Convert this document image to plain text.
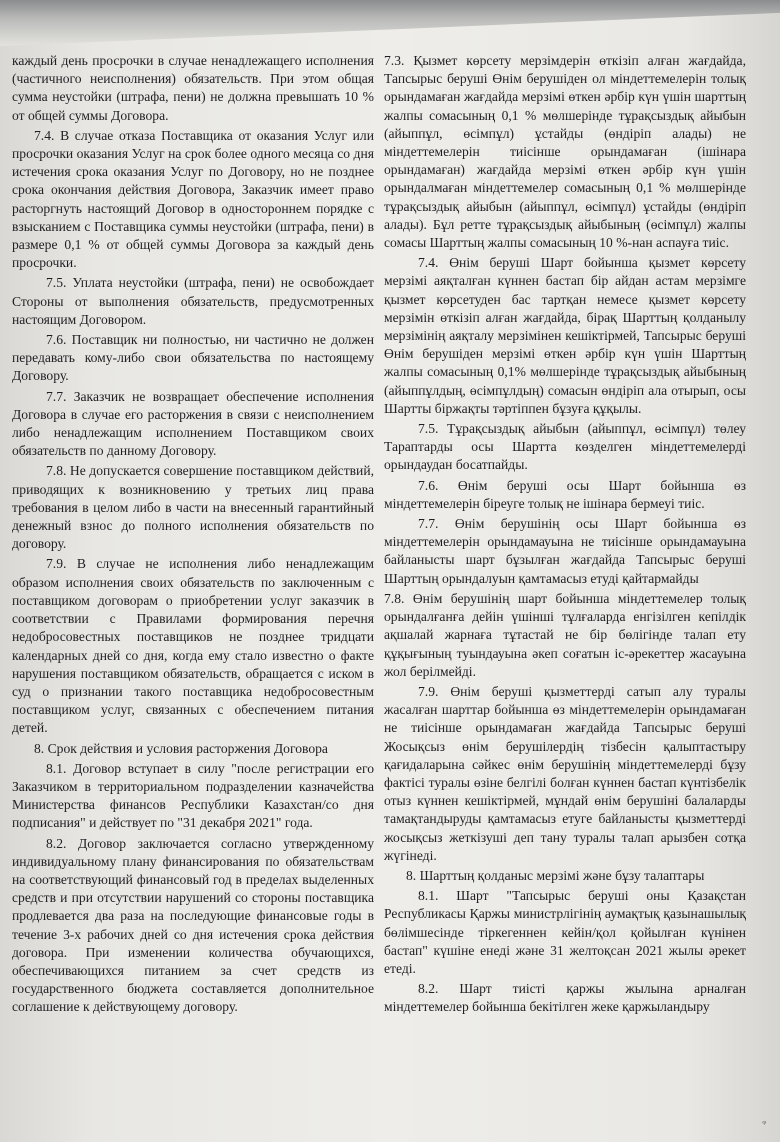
каждый день просрочки в случае ненадлежащего исполнения (частичного неисполнения) обязательств. При этом общая сумма неустойки (штрафа, пени) не должна превышать 10 % от общей суммы Договора.

7.4. В случае отказа Поставщика от оказания Услуг или просрочки оказания Услуг на срок более одного месяца со дня истечения срока оказания Услуг по Договору, но не позднее срока окончания действия Договора, Заказчик имеет право расторгнуть настоящий Договор в одностороннем порядке с взысканием с Поставщика суммы неустойки (штрафа, пени) в размере 0,1 % от общей суммы Договора за каждый день просрочки.

7.5. Уплата неустойки (штрафа, пени) не освобождает Стороны от выполнения обязательств, предусмотренных настоящим Договором.

7.6. Поставщик ни полностью, ни частично не должен передавать кому-либо свои обязательства по настоящему Договору.

7.7. Заказчик не возвращает обеспечение исполнения Договора в случае его расторжения в связи с неисполнением либо ненадлежащим исполнением Поставщиком своих обязательств по данному Договору.

7.8. Не допускается совершение поставщиком действий, приводящих к возникновению у третьих лиц права требования в целом либо в части на внесенный гарантийный денежный взнос до полного исполнения обязательств по договору.

7.9. В случае не исполнения либо ненадлежащим образом исполнения своих обязательств по заключенным с поставщиком договорам о приобретении услуг заказчик в соответствии с Правилами формирования перечня недобросовестных поставщиков не позднее тридцати календарных дней со дня, когда ему стало известно о факте нарушения поставщиком обязательств, обращается с иском в суд о признании такого поставщика недобросовестным поставщиком услуг, связанных с обеспечением питания детей.

8. Срок действия и условия расторжения Договора

8.1. Договор вступает в силу "после регистрации его Заказчиком в территориальном подразделении казначейства Министерства финансов Республики Казахстан/со дня подписания" и действует по "31 декабря 2021" года.

8.2. Договор заключается согласно утвержденному индивидуальному плану финансирования по обязательствам на соответствующий финансовый год в пределах выделенных средств и при отсутствии нарушений со стороны поставщика продлевается два раза на последующие финансовые годы в течение 3-х рабочих дней со дня истечения срока действия договора. При изменении количества обучающихся, обеспечивающихся питанием за счет средств из государственного бюджета составляется дополнительное соглашение к действующему договору.

7.3. Қызмет көрсету мерзімдерін өткізіп алған жағдайда, Тапсырыс беруші Өнім берушіден ол міндеттемелерін толық орындамаған жағдайда мерзімі өткен әрбір күн үшін шарттың жалпы сомасының 0,1 % мөлшерінде тұрақсыздық айыбын (айыппұл, өсімпұл) ұстайды (өндіріп алады) не міндеттемелерін тиісінше орындамаған (ішінара орындамаған) жағдайда мерзімі өткен әрбір күн үшін орындалмаған міндеттемелер сомасының 0,1 % мөлшерінде тұрақсыздық айыбын (айыппұл, өсімпұл) ұстайды (өндіріп алады). Бұл ретте тұрақсыздық айыбының (өсімпұл) жалпы сомасы Шарттың жалпы сомасының 10 %-нан аспауға тиіс.

7.4. Өнім беруші Шарт бойынша қызмет көрсету мерзімі аяқталған күннен бастап бір айдан астам мерзімге қызмет көрсетуден бас тартқан немесе қызмет көрсету мерзімін өткізіп алған жағдайда, бірақ Шарттың қолданылу мерзімінің аяқталу мерзімінен кешіктірмей, Тапсырыс беруші Өнім берушіден мерзімі өткен әрбір күн үшін Шарттың жалпы сомасының 0,1% мөлшерінде тұрақсыздық айыбының (айыппұлдың, өсімпұлдың) сомасын өндіріп ала отырып, осы Шартты біржақты тәртіппен бұзуға құқылы.

7.5. Тұрақсыздық айыбын (айыппұл, өсімпұл) төлеу Тараптарды осы Шартта көзделген міндеттемелерді орындаудан босатпайды.

7.6. Өнім беруші осы Шарт бойынша өз міндеттемелерін біреуге толық не ішінара бермеуі тиіс.

7.7. Өнім берушінің осы Шарт бойынша өз міндеттемелерін орындамауына не тиісінше орындамауына байланысты шарт бұзылған жағдайда Тапсырыс беруші Шарттың орындалуын қамтамасыз етуді қайтармайды

7.8. Өнім берушінің шарт бойынша міндеттемелер толық орындалғанға дейін үшінші тұлғаларда енгізілген кепілдік ақшалай жарнаға тұтастай не бір бөлігінде талап ету құқығының туындауына әкеп соғатын іс-әрекеттер жасауына жол берілмейді.

7.9. Өнім беруші қызметтерді сатып алу туралы жасалған шарттар бойынша өз міндеттемелерін орындамаған не тиісінше орындамаған жағдайда Тапсырыс беруші Жосықсыз өнім берушілердің тізбесін қалыптастыру қағидаларына сәйкес өнім берушінің міндеттемелерді бұзу фактісі туралы өзіне белгілі болған күннен бастап күнтізбелік отыз күннен кешіктірмей, мұндай өнім берушіні балаларды тамақтандыруды қамтамасыз етуге байланысты қызметтерді жосықсыз жеткізуші деп тану туралы талап арызбен сотқа жүгінеді.

8. Шарттың қолданыс мерзімі және бұзу талаптары

8.1. Шарт "Тапсырыс беруші оны Қазақстан Республикасы Қаржы министрлігінің аумақтық қазынашылық бөлімшесінде тіркегеннен кейін/қол қойылған күнінен бастап" күшіне енеді және 31 желтоқсан 2021 жылы әрекет етеді.

8.2. Шарт тиісті қаржы жылына арналған міндеттемелер бойынша бекітілген жеке қаржыландыру

ᵩ
